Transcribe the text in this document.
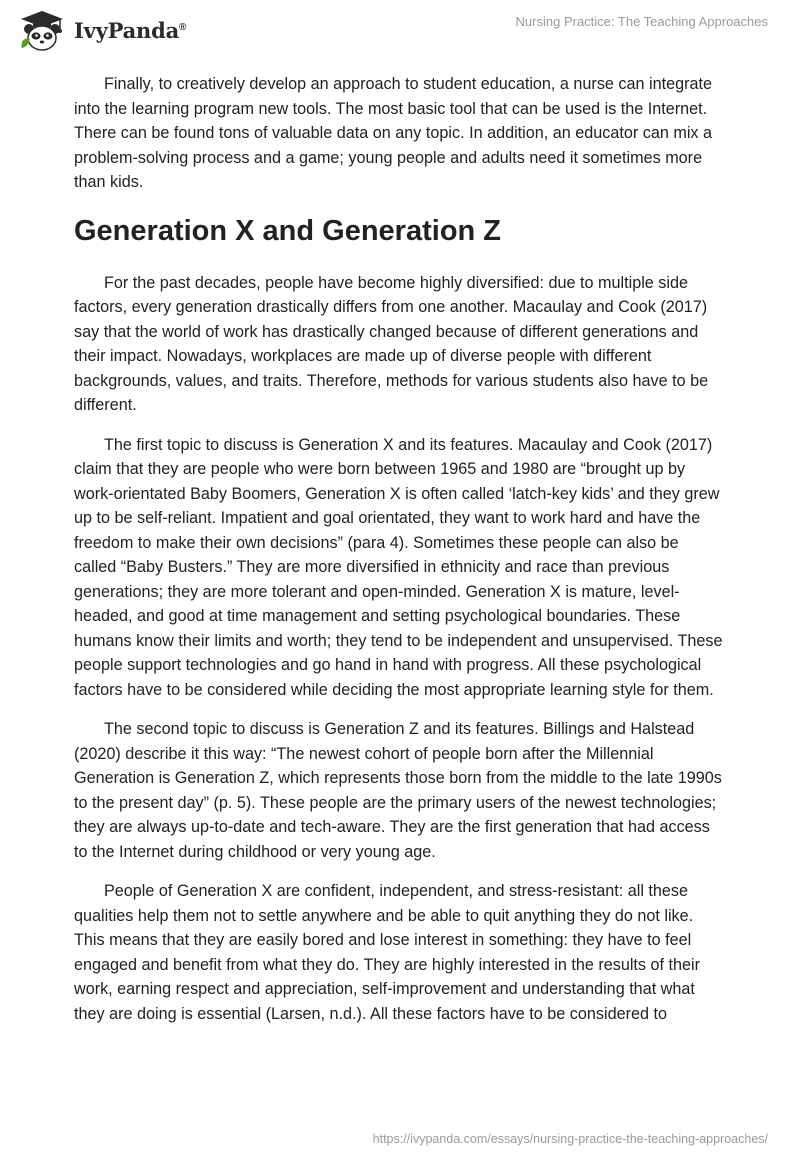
IvyPanda®	Nursing Practice: The Teaching Approaches

Finally, to creatively develop an approach to student education, a nurse can integrate into the learning program new tools. The most basic tool that can be used is the Internet. There can be found tons of valuable data on any topic. In addition, an educator can mix a problem-solving process and a game; young people and adults need it sometimes more than kids.

Generation X and Generation Z

For the past decades, people have become highly diversified: due to multiple side factors, every generation drastically differs from one another. Macaulay and Cook (2017) say that the world of work has drastically changed because of different generations and their impact. Nowadays, workplaces are made up of diverse people with different backgrounds, values, and traits. Therefore, methods for various students also have to be different.

The first topic to discuss is Generation X and its features. Macaulay and Cook (2017) claim that they are people who were born between 1965 and 1980 are “brought up by work-orientated Baby Boomers, Generation X is often called ‘latch-key kids’ and they grew up to be self-reliant. Impatient and goal orientated, they want to work hard and have the freedom to make their own decisions” (para 4). Sometimes these people can also be called “Baby Busters.” They are more diversified in ethnicity and race than previous generations; they are more tolerant and open-minded. Generation X is mature, level-headed, and good at time management and setting psychological boundaries. These humans know their limits and worth; they tend to be independent and unsupervised. These people support technologies and go hand in hand with progress. All these psychological factors have to be considered while deciding the most appropriate learning style for them.

The second topic to discuss is Generation Z and its features. Billings and Halstead (2020) describe it this way: “The newest cohort of people born after the Millennial Generation is Generation Z, which represents those born from the middle to the late 1990s to the present day” (p. 5). These people are the primary users of the newest technologies; they are always up-to-date and tech-aware. They are the first generation that had access to the Internet during childhood or very young age.

People of Generation X are confident, independent, and stress-resistant: all these qualities help them not to settle anywhere and be able to quit anything they do not like. This means that they are easily bored and lose interest in something: they have to feel engaged and benefit from what they do. They are highly interested in the results of their work, earning respect and appreciation, self-improvement and understanding that what they are doing is essential (Larsen, n.d.). All these factors have to be considered to

https://ivypanda.com/essays/nursing-practice-the-teaching-approaches/
